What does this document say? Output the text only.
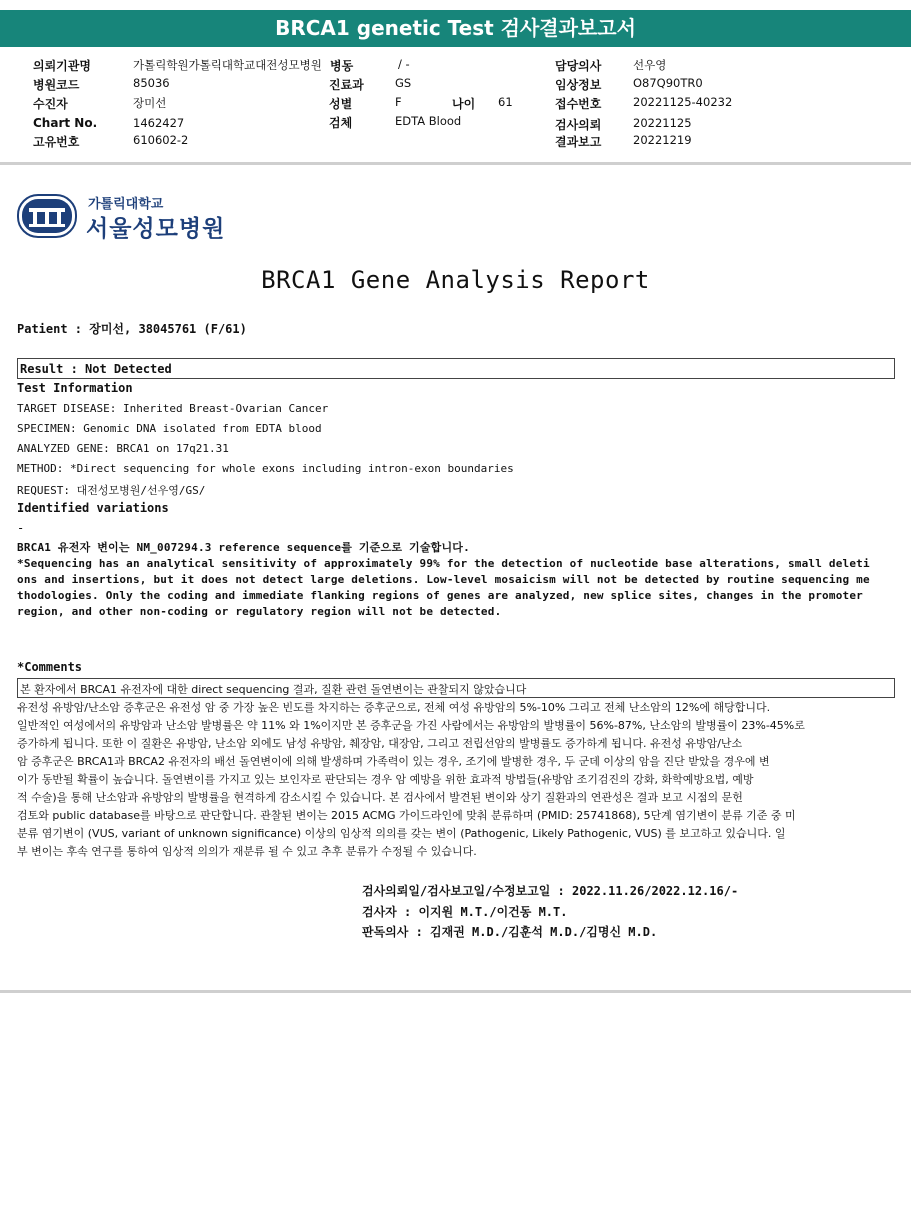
BRCA1 genetic Test 검사결과보고서
의뢰기관명	가톨릭학원가톨릭대학교대전성모병원
병원코드	85036
수진자	장미선
Chart No.	1462427
고유번호	610602-2
병동	/ -
진료과	GS
성별	F	나이 61
검체	EDTA Blood
담당의사	선우영
임상정보	O87Q90TR0
접수번호	20221125-40232
검사의뢰	20221125
결과보고	20221219
가톨릭대학교
서울성모병원
BRCA1 Gene Analysis Report
Patient : 장미선, 38045761 (F/61)
Result : Not Detected
Test Information
TARGET DISEASE: Inherited Breast-Ovarian Cancer
SPECIMEN: Genomic DNA isolated from EDTA blood
ANALYZED GENE: BRCA1 on 17q21.31
METHOD: *Direct sequencing for whole exons including intron-exon boundaries
REQUEST: 대전성모병원/선우영/GS/
Identified variations
-
BRCA1 유전자 변이는 NM_007294.3 reference sequence를 기준으로 기술합니다.
*Sequencing has an analytical sensitivity of approximately 99% for the detection of nucleotide base alterations, small deleti
ons and insertions, but it does not detect large deletions. Low-level mosaicism will not be detected by routine sequencing me
thodologies. Only the coding and immediate flanking regions of genes are analyzed, new splice sites, changes in the promoter
region, and other non-coding or regulatory region will not be detected.
*Comments
본 환자에서 BRCA1 유전자에 대한 direct sequencing 결과, 질환 관련 돌연변이는 관찰되지 않았습니다
유전성 유방암/난소암 증후군은 유전성 암 중 가장 높은 빈도를 차지하는 증후군으로, 전체 여성 유방암의 5%-10% 그리고 전체 난소암의 12%에 해당합니다.
일반적인 여성에서의 유방암과 난소암 발병률은 약 11% 와 1%이지만 본 증후군을 가진 사람에서는 유방암의 발병률이 56%-87%, 난소암의 발병률이 23%-45%로
증가하게 됩니다. 또한 이 질환은 유방암, 난소암 외에도 남성 유방암, 췌장암, 대장암, 그리고 전립선암의 발병률도 증가하게 됩니다. 유전성 유방암/난소
암 증후군은 BRCA1과 BRCA2 유전자의 배선 돌연변이에 의해 발생하며 가족력이 있는 경우, 조기에 발병한 경우, 두 군데 이상의 암을 진단 받았을 경우에 변
이가 동반될 확률이 높습니다. 돌연변이를 가지고 있는 보인자로 판단되는 경우 암 예방을 위한 효과적 방법들(유방암 조기검진의 강화, 화학예방요법, 예방
적 수술)을 통해 난소암과 유방암의 발병률을 현격하게 감소시킬 수 있습니다. 본 검사에서 발견된 변이와 상기 질환과의 연관성은 결과 보고 시점의 문헌
검토와 public database를 바탕으로 판단합니다. 관찰된 변이는 2015 ACMG 가이드라인에 맞춰 분류하며 (PMID: 25741868), 5단계 염기변이 분류 기준 중 미
분류 염기변이 (VUS, variant of unknown significance) 이상의 임상적 의의를 갖는 변이 (Pathogenic, Likely Pathogenic, VUS) 를 보고하고 있습니다. 일
부 변이는 후속 연구를 통하여 임상적 의의가 재분류 될 수 있고 추후 분류가 수정될 수 있습니다.
검사의뢰일/검사보고일/수정보고일 : 2022.11.26/2022.12.16/-
검사자 : 이지원 M.T./이건동 M.T.
판독의사 : 김재권 M.D./김훈석 M.D./김명신 M.D.
